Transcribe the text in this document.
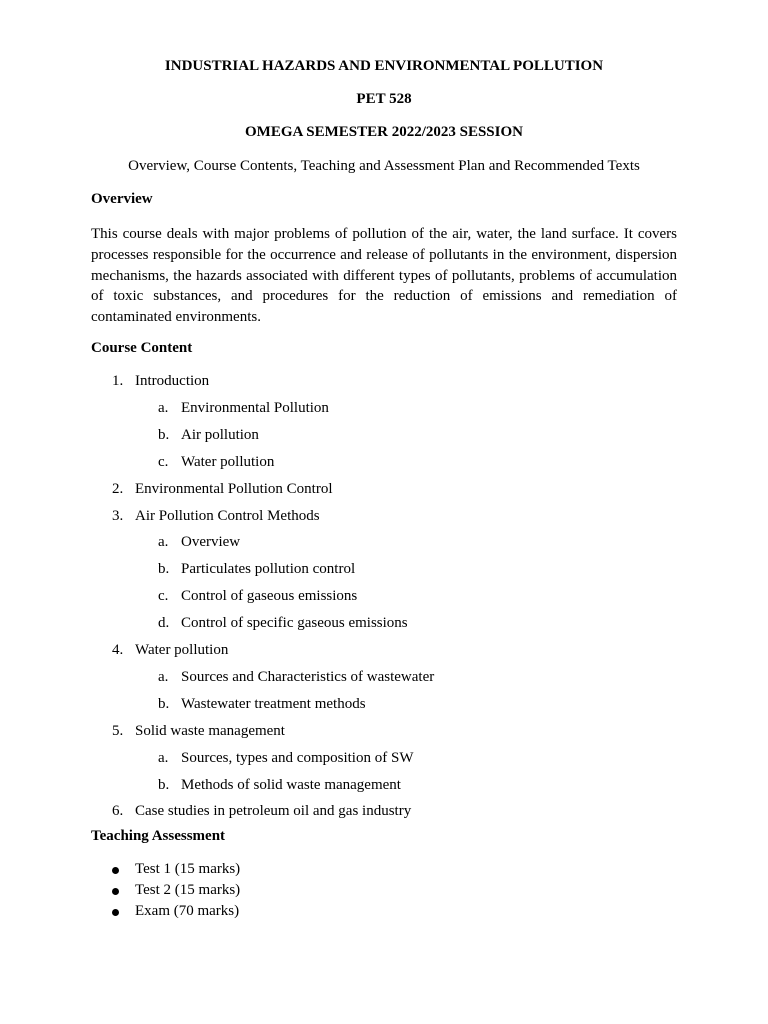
INDUSTRIAL HAZARDS AND ENVIRONMENTAL POLLUTION
PET 528
OMEGA SEMESTER 2022/2023 SESSION
Overview, Course Contents, Teaching and Assessment Plan and Recommended Texts
Overview
This course deals with major problems of pollution of the air, water, the land surface. It covers processes responsible for the occurrence and release of pollutants in the environment, dispersion mechanisms, the hazards associated with different types of pollutants, problems of accumulation of toxic substances, and procedures for the reduction of emissions and remediation of contaminated environments.
Course Content
1. Introduction
a. Environmental Pollution
b. Air pollution
c. Water pollution
2. Environmental Pollution Control
3. Air Pollution Control Methods
a. Overview
b. Particulates pollution control
c. Control of gaseous emissions
d. Control of specific gaseous emissions
4. Water pollution
a. Sources and Characteristics of wastewater
b. Wastewater treatment methods
5. Solid waste management
a. Sources, types and composition of SW
b. Methods of solid waste management
6. Case studies in petroleum oil and gas industry
Teaching Assessment
Test 1 (15 marks)
Test 2 (15 marks)
Exam (70 marks)
